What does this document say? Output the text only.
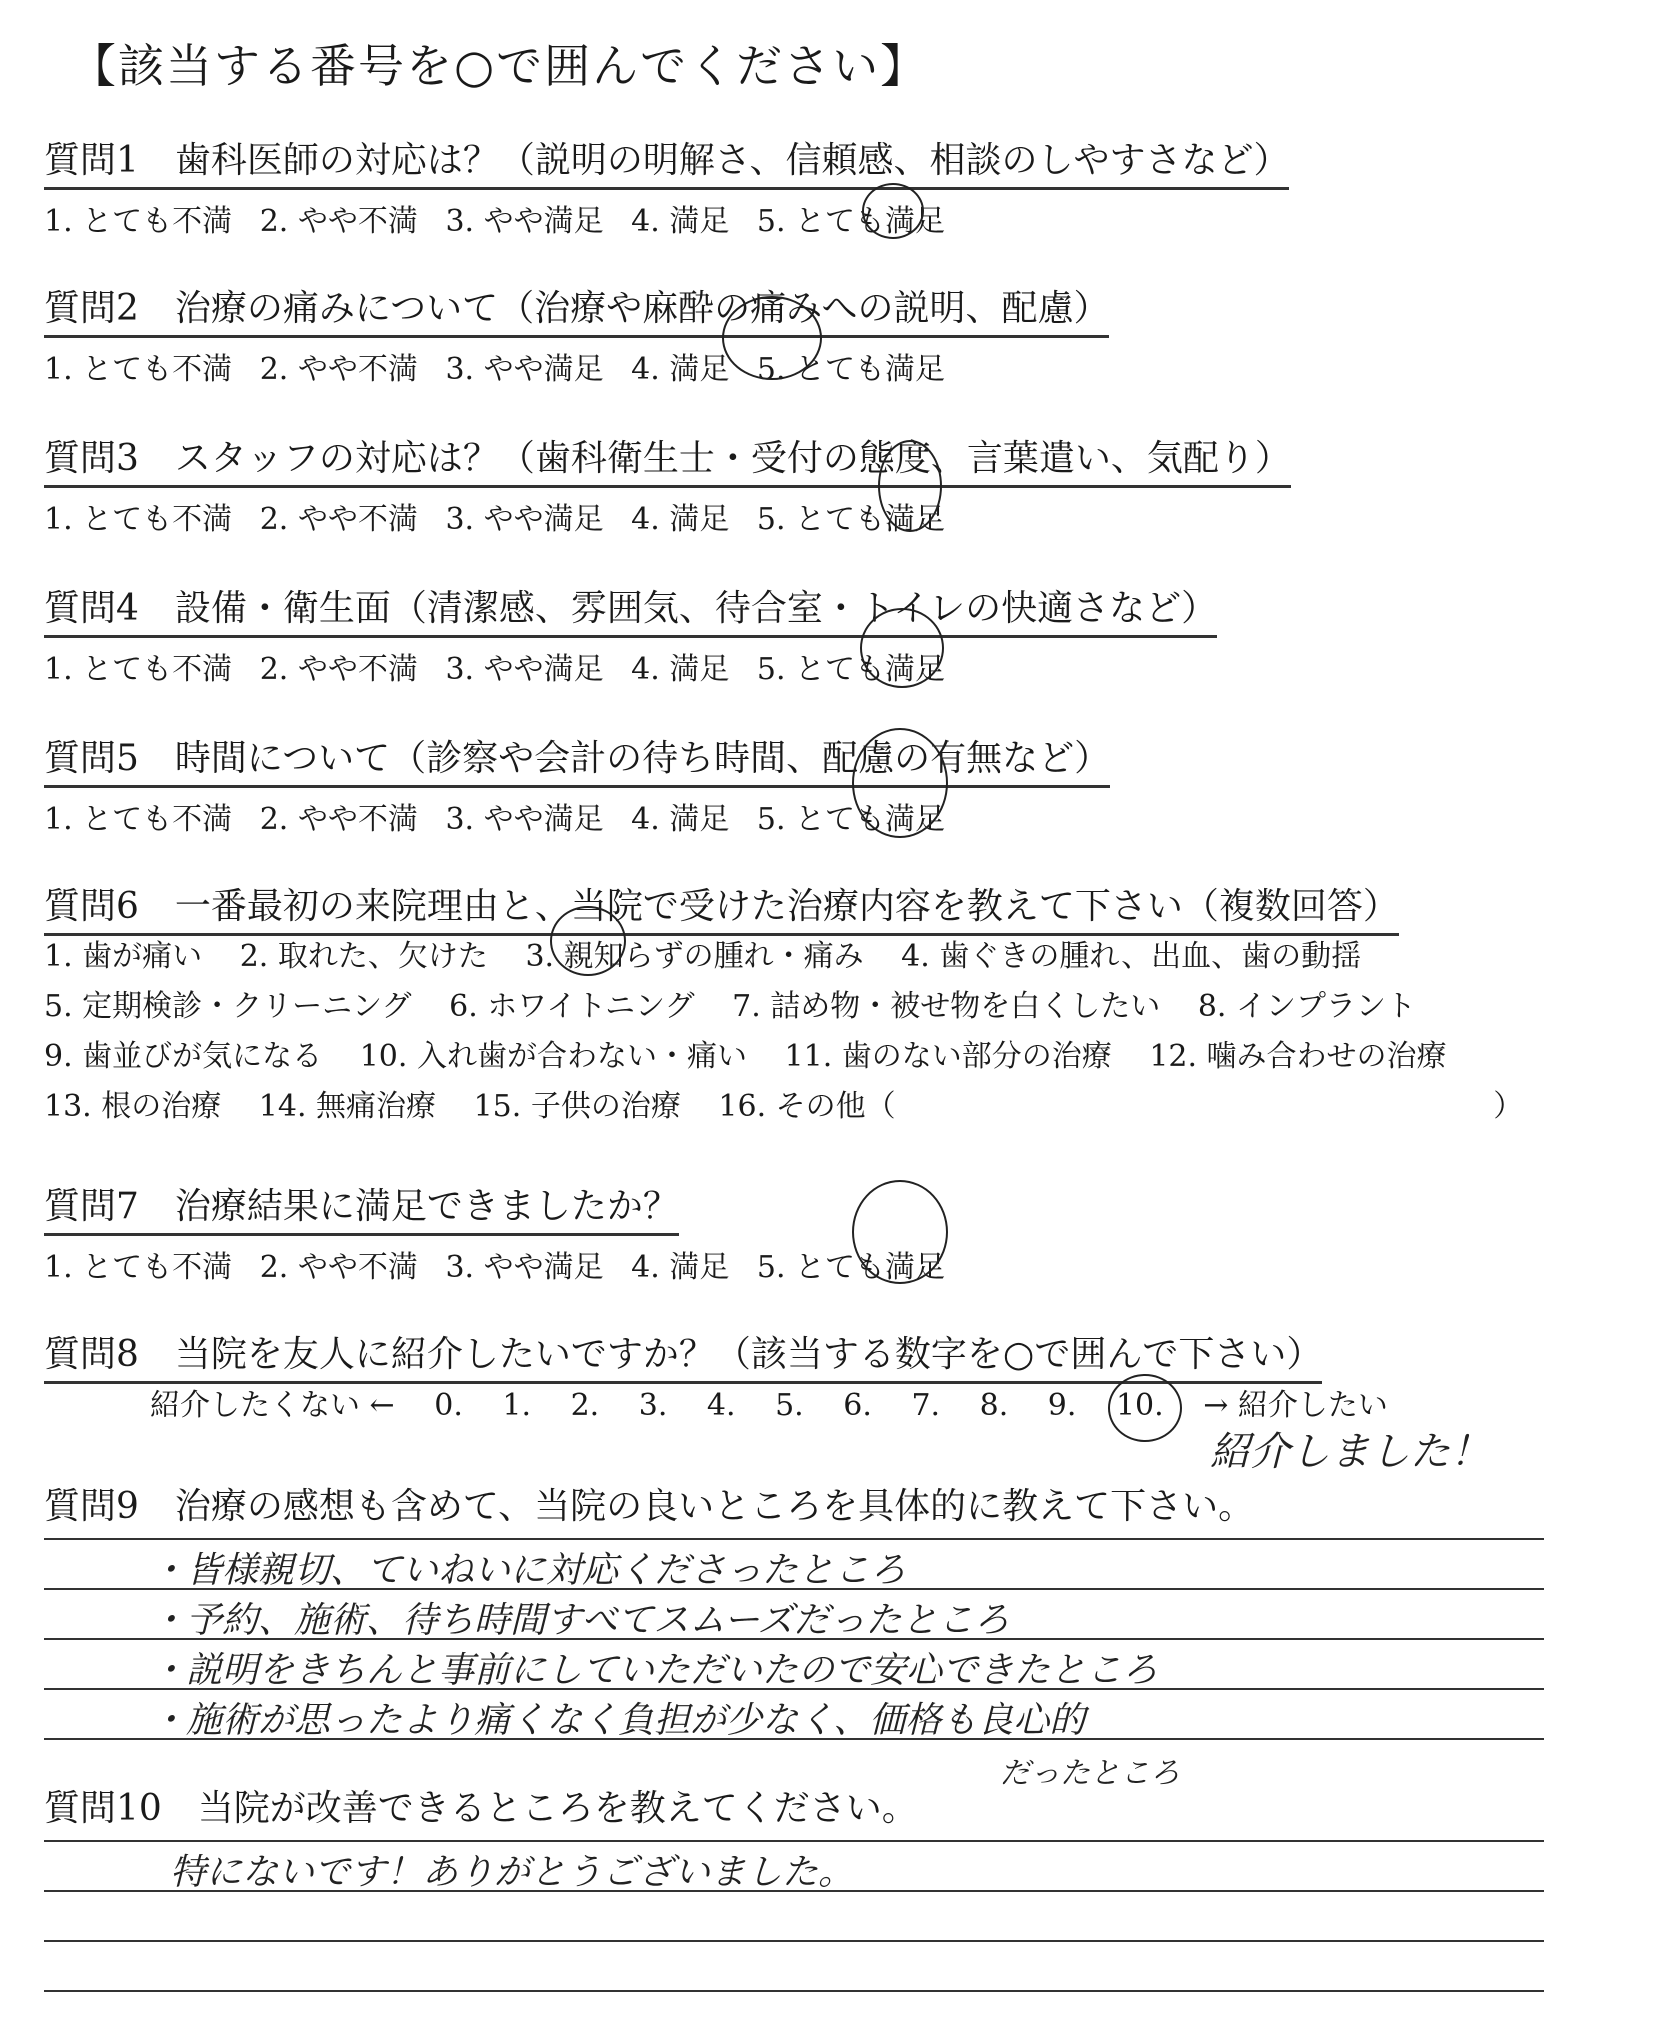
【該当する番号を○で囲んでください】
質問1　歯科医師の対応は？（説明の明解さ、信頼感、相談のしやすさなど）
1. とても不満 2. やや不満 3. やや満足 4. 満足 5. とても満足
質問2　治療の痛みについて（治療や麻酔の痛みへの説明、配慮）
1. とても不満 2. やや不満 3. やや満足 4. 満足 5. とても満足
質問3　スタッフの対応は？（歯科衛生士・受付の態度、言葉遣い、気配り）
1. とても不満 2. やや不満 3. やや満足 4. 満足 5. とても満足
質問4　設備・衛生面（清潔感、雰囲気、待合室・トイレの快適さなど）
1. とても不満 2. やや不満 3. やや満足 4. 満足 5. とても満足
質問5　時間について（診察や会計の待ち時間、配慮の有無など）
1. とても不満 2. やや不満 3. やや満足 4. 満足 5. とても満足
質問6　一番最初の来院理由と、当院で受けた治療内容を教えて下さい（複数回答）
1. 歯が痛い 2. 取れた、欠けた 3. 親知らずの腫れ・痛み 4. 歯ぐきの腫れ、出血、歯の動揺
5. 定期検診・クリーニング 6. ホワイトニング 7. 詰め物・被せ物を白くしたい 8. インプラント
9. 歯並びが気になる 10. 入れ歯が合わない・痛い 11. 歯のない部分の治療 12. 噛み合わせの治療
13. 根の治療 14. 無痛治療 15. 子供の治療 16. その他（	）
質問7　治療結果に満足できましたか？
1. とても不満 2. やや不満 3. やや満足 4. 満足 5. とても満足
質問8　当院を友人に紹介したいですか？（該当する数字を○で囲んで下さい）
紹介したくない ← 0. 1. 2. 3. 4. 5. 6. 7. 8. 9. 10. → 紹介したい
紹介しました！
質問9　治療の感想も含めて、当院の良いところを具体的に教えて下さい。
・皆様親切、ていねいに対応くださったところ
・予約、施術、待ち時間すべてスムーズだったところ
・説明をきちんと事前にしていただいたので安心できたところ
・施術が思ったより痛くなく負担が少なく、価格も良心的
だったところ
質問10　当院が改善できるところを教えてください。
特にないです！ありがとうございました。
